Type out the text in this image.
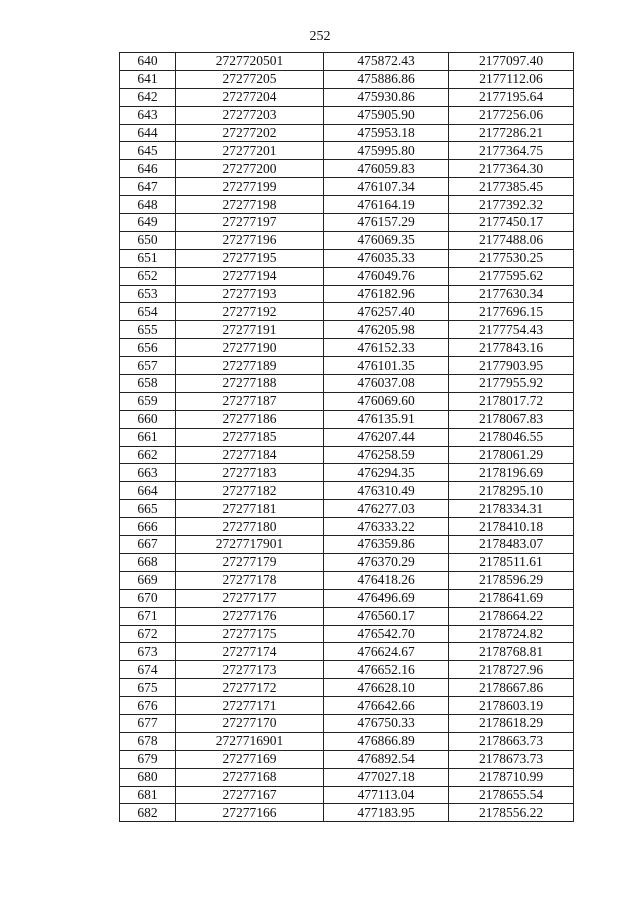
252
640	2727720501	475872.43	2177097.40
641	27277205	475886.86	2177112.06
642	27277204	475930.86	2177195.64
643	27277203	475905.90	2177256.06
644	27277202	475953.18	2177286.21
645	27277201	475995.80	2177364.75
646	27277200	476059.83	2177364.30
647	27277199	476107.34	2177385.45
648	27277198	476164.19	2177392.32
649	27277197	476157.29	2177450.17
650	27277196	476069.35	2177488.06
651	27277195	476035.33	2177530.25
652	27277194	476049.76	2177595.62
653	27277193	476182.96	2177630.34
654	27277192	476257.40	2177696.15
655	27277191	476205.98	2177754.43
656	27277190	476152.33	2177843.16
657	27277189	476101.35	2177903.95
658	27277188	476037.08	2177955.92
659	27277187	476069.60	2178017.72
660	27277186	476135.91	2178067.83
661	27277185	476207.44	2178046.55
662	27277184	476258.59	2178061.29
663	27277183	476294.35	2178196.69
664	27277182	476310.49	2178295.10
665	27277181	476277.03	2178334.31
666	27277180	476333.22	2178410.18
667	2727717901	476359.86	2178483.07
668	27277179	476370.29	2178511.61
669	27277178	476418.26	2178596.29
670	27277177	476496.69	2178641.69
671	27277176	476560.17	2178664.22
672	27277175	476542.70	2178724.82
673	27277174	476624.67	2178768.81
674	27277173	476652.16	2178727.96
675	27277172	476628.10	2178667.86
676	27277171	476642.66	2178603.19
677	27277170	476750.33	2178618.29
678	2727716901	476866.89	2178663.73
679	27277169	476892.54	2178673.73
680	27277168	477027.18	2178710.99
681	27277167	477113.04	2178655.54
682	27277166	477183.95	2178556.22
